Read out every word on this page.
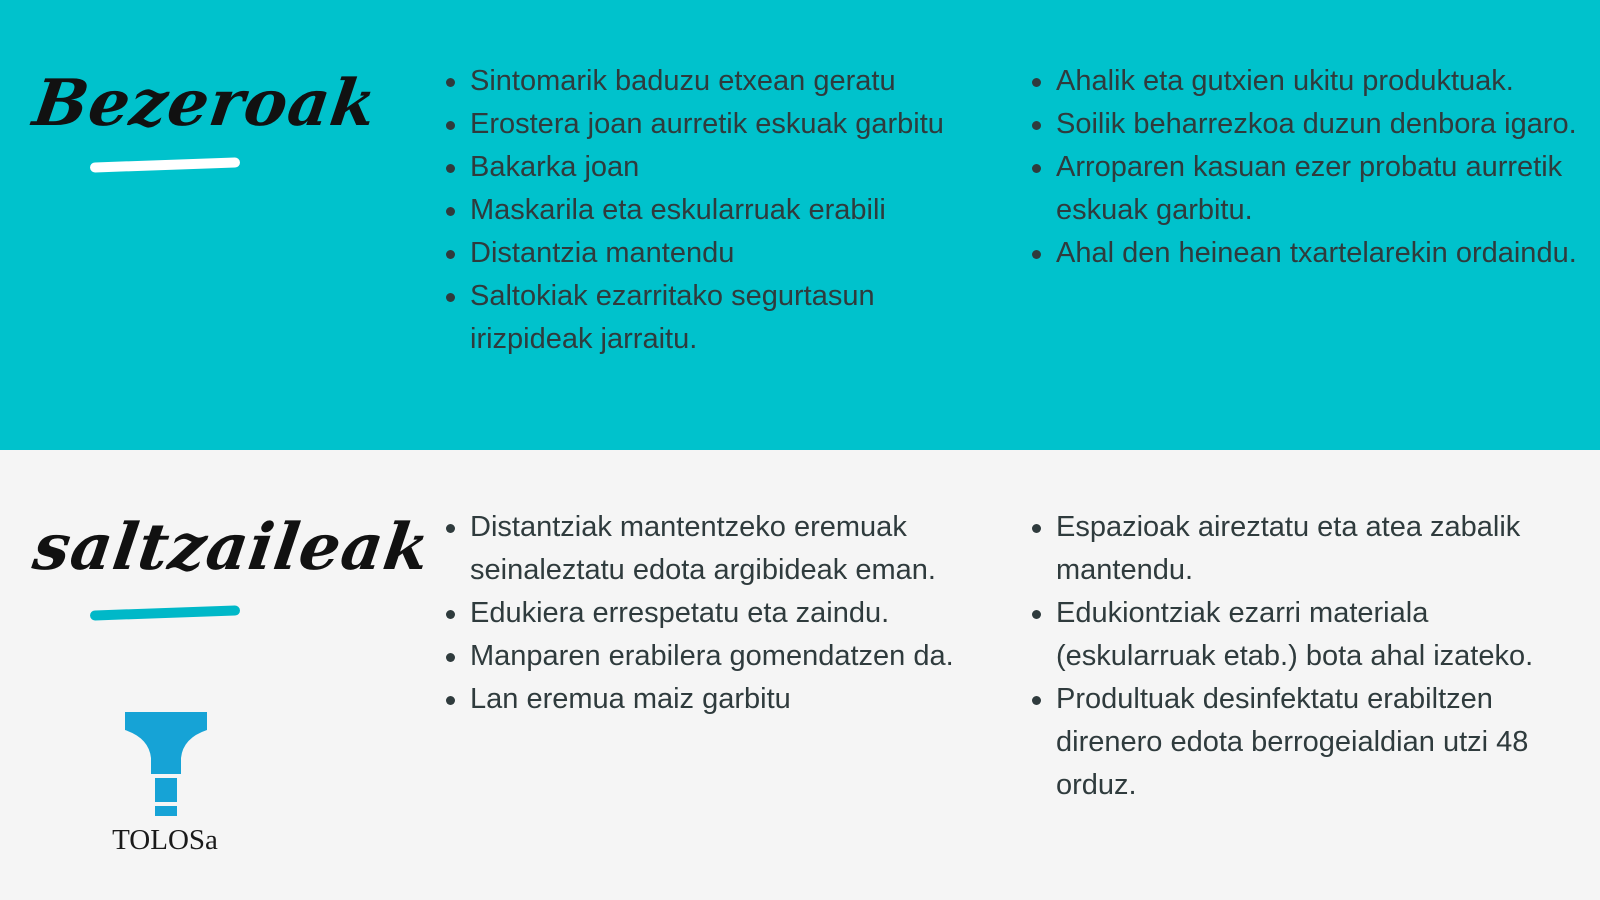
Bezeroak	Sintomarik baduzu etxean geratu
Erostera joan aurretik eskuak garbitu
Bakarka joan
Maskarila eta eskularruak erabili
Distantzia mantendu
Saltokiak ezarritako segurtasun irizpideak jarraitu.
Ahalik eta gutxien ukitu produktuak.
Soilik beharrezkoa duzun denbora igaro.
Arroparen kasuan ezer probatu aurretik eskuak garbitu.
Ahal den heinean txartelarekin ordaindu.
saltzaileak	Distantziak mantentzeko eremuak seinaleztatu edota argibideak eman.
Edukiera errespetatu eta zaindu.
Manparen erabilera gomendatzen da.
Lan eremua maiz garbitu
Espazioak aireztatu eta atea zabalik mantendu.
Edukiontziak ezarri materiala (eskularruak etab.) bota ahal izateko.
Produltuak desinfektatu erabiltzen direnero edota berrogeialdian utzi 48 orduz.
TOLOSa
